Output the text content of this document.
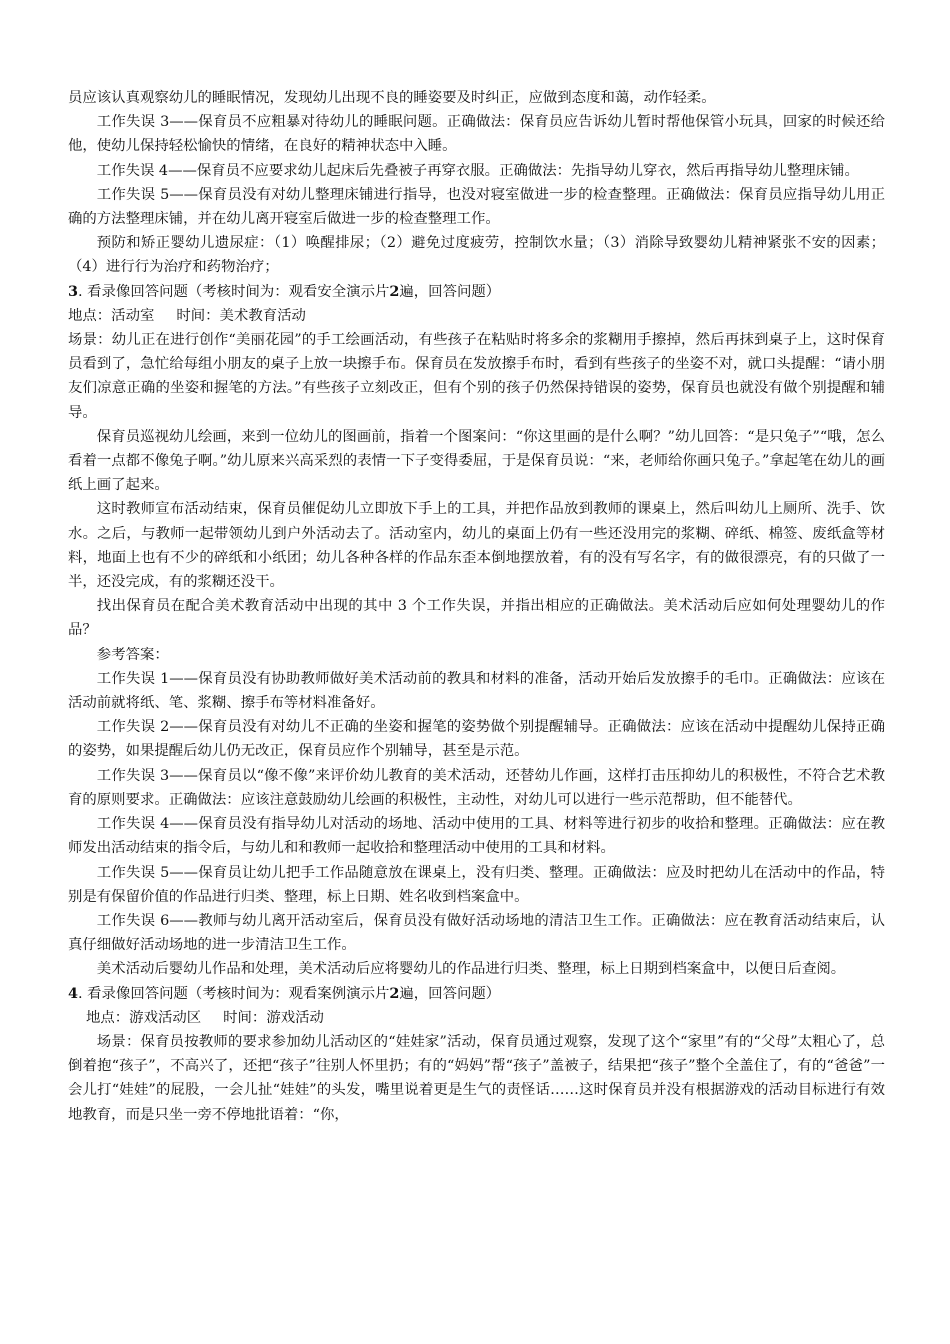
员应该认真观察幼儿的睡眠情况，发现幼儿出现不良的睡姿要及时纠正，应做到态度和蔼，动作轻柔。

工作失误 3——保育员不应粗暴对待幼儿的睡眠问题。正确做法：保育员应告诉幼儿暂时帮他保管小玩具，回家的时候还给他，使幼儿保持轻松愉快的情绪，在良好的精神状态中入睡。

工作失误 4——保育员不应要求幼儿起床后先叠被子再穿衣服。正确做法：先指导幼儿穿衣，然后再指导幼儿整理床铺。

工作失误 5——保育员没有对幼儿整理床铺进行指导，也没对寝室做进一步的检查整理。正确做法：保育员应指导幼儿用正确的方法整理床铺，并在幼儿离开寝室后做进一步的检查整理工作。

预防和矫正婴幼儿遗尿症：（1）唤醒排尿；（2）避免过度疲劳，控制饮水量；（3）消除导致婴幼儿精神紧张不安的因素；（4）进行行为治疗和药物治疗；

3. 看录像回答问题（考核时间为：观看安全演示片2遍，回答问题）

地点：活动室 时间：美术教育活动

场景：幼儿正在进行创作“美丽花园”的手工绘画活动，有些孩子在粘贴时将多余的浆糊用手擦掉，然后再抹到桌子上，这时保育员看到了，急忙给每组小朋友的桌子上放一块擦手布。保育员在发放擦手布时，看到有些孩子的坐姿不对，就口头提醒：“请小朋友们凉意正确的坐姿和握笔的方法。”有些孩子立刻改正，但有个别的孩子仍然保持错误的姿势，保育员也就没有做个别提醒和辅导。

保育员巡视幼儿绘画，来到一位幼儿的图画前，指着一个图案问：“你这里画的是什么啊？”幼儿回答：“是只兔子”“哦，怎么看着一点都不像兔子啊。”幼儿原来兴高采烈的表情一下子变得委屈，于是保育员说：“来，老师给你画只兔子。”拿起笔在幼儿的画纸上画了起来。

这时教师宣布活动结束，保育员催促幼儿立即放下手上的工具，并把作品放到教师的课桌上，然后叫幼儿上厕所、洗手、饮水。之后，与教师一起带领幼儿到户外活动去了。活动室内，幼儿的桌面上仍有一些还没用完的浆糊、碎纸、棉签、废纸盒等材料，地面上也有不少的碎纸和小纸团；幼儿各种各样的作品东歪本倒地摆放着，有的没有写名字，有的做很漂亮，有的只做了一半，还没完成，有的浆糊还没干。

找出保育员在配合美术教育活动中出现的其中 3 个工作失误，并指出相应的正确做法。美术活动后应如何处理婴幼儿的作品？

参考答案：

工作失误 1——保育员没有协助教师做好美术活动前的教具和材料的准备，活动开始后发放擦手的毛巾。正确做法：应该在活动前就将纸、笔、浆糊、擦手布等材料准备好。

工作失误 2——保育员没有对幼儿不正确的坐姿和握笔的姿势做个别提醒辅导。正确做法：应该在活动中提醒幼儿保持正确的姿势，如果提醒后幼儿仍无改正，保育员应作个别辅导，甚至是示范。

工作失误 3——保育员以“像不像”来评价幼儿教育的美术活动，还替幼儿作画，这样打击压抑幼儿的积极性，不符合艺术教育的原则要求。正确做法：应该注意鼓励幼儿绘画的积极性，主动性，对幼儿可以进行一些示范帮助，但不能替代。

工作失误 4——保育员没有指导幼儿对活动的场地、活动中使用的工具、材料等进行初步的收拾和整理。正确做法：应在教师发出活动结束的指令后，与幼儿和和教师一起收拾和整理活动中使用的工具和材料。

工作失误 5——保育员让幼儿把手工作品随意放在课桌上，没有归类、整理。正确做法：应及时把幼儿在活动中的作品，特别是有保留价值的作品进行归类、整理，标上日期、姓名收到档案盒中。

工作失误 6——教师与幼儿离开活动室后，保育员没有做好活动场地的清洁卫生工作。正确做法：应在教育活动结束后，认真仔细做好活动场地的进一步清洁卫生工作。

美术活动后婴幼儿作品和处理，美术活动后应将婴幼儿的作品进行归类、整理，标上日期到档案盒中，以便日后查阅。

4. 看录像回答问题（考核时间为：观看案例演示片2遍，回答问题）

地点：游戏活动区 时间：游戏活动

场景：保育员按教师的要求参加幼儿活动区的“娃娃家”活动，保育员通过观察，发现了这个“家里”有的“父母”太粗心了，总倒着抱“孩子”，不高兴了，还把“孩子”往别人怀里扔；有的“妈妈”帮“孩子”盖被子，结果把“孩子”整个全盖住了，有的“爸爸”一会儿打“娃娃”的屁股，一会儿扯“娃娃”的头发，嘴里说着更是生气的责怪话……这时保育员并没有根据游戏的活动目标进行有效地教育，而是只坐一旁不停地批语着：“你，
